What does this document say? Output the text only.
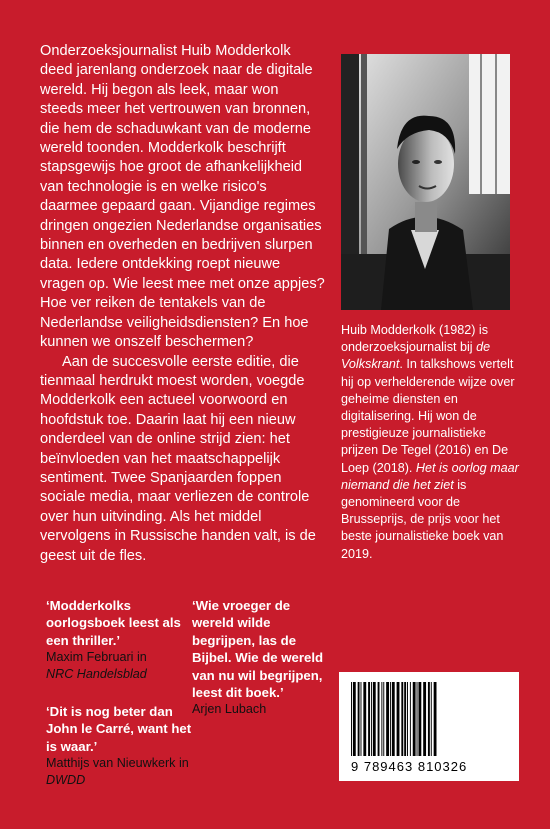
Onderzoeksjournalist Huib Modderkolk deed jarenlang onderzoek naar de digitale wereld. Hij begon als leek, maar won steeds meer het vertrouwen van bronnen, die hem de schaduwkant van de moderne wereld toonden. Modderkolk beschrijft stapsgewijs hoe groot de afhankelijkheid van technologie is en welke risico's daarmee gepaard gaan. Vijandige regimes dringen ongezien Nederlandse organisaties binnen en overheden en bedrijven slurpen data. Iedere ontdekking roept nieuwe vragen op. Wie leest mee met onze appjes? Hoe ver reiken de tentakels van de Nederlandse veiligheidsdiensten? En hoe kunnen we onszelf beschermen?

Aan de succesvolle eerste editie, die tienmaal herdrukt moest worden, voegde Modderkolk een actueel voorwoord en hoofdstuk toe. Daarin laat hij een nieuw onderdeel van de online strijd zien: het beïnvloeden van het maatschappelijk sentiment. Twee Spanjaarden foppen sociale media, maar verliezen de controle over hun uitvinding. Als het middel vervolgens in Russische handen valt, is de geest uit de fles.

Huib Modderkolk (1982) is onderzoeksjournalist bij de Volkskrant. In talkshows vertelt hij op verhelderende wijze over geheime diensten en digitalisering. Hij won de prestigieuze journalistieke prijzen De Tegel (2016) en De Loep (2018). Het is oorlog maar niemand die het ziet is genomineerd voor de Brusseprijs, de prijs voor het beste journalistieke boek van 2019.
‘Modderkolks oorlogsboek leest als een thriller.’
Maxim Februari in
NRC Handelsblad
‘Dit is nog beter dan John le Carré, want het is waar.’
Matthijs van Nieuwkerk in DWDD
‘Wie vroeger de wereld wilde begrijpen, las de Bijbel. Wie de wereld van nu wil begrijpen, leest dit boek.’
Arjen Lubach
9 789463 810326
